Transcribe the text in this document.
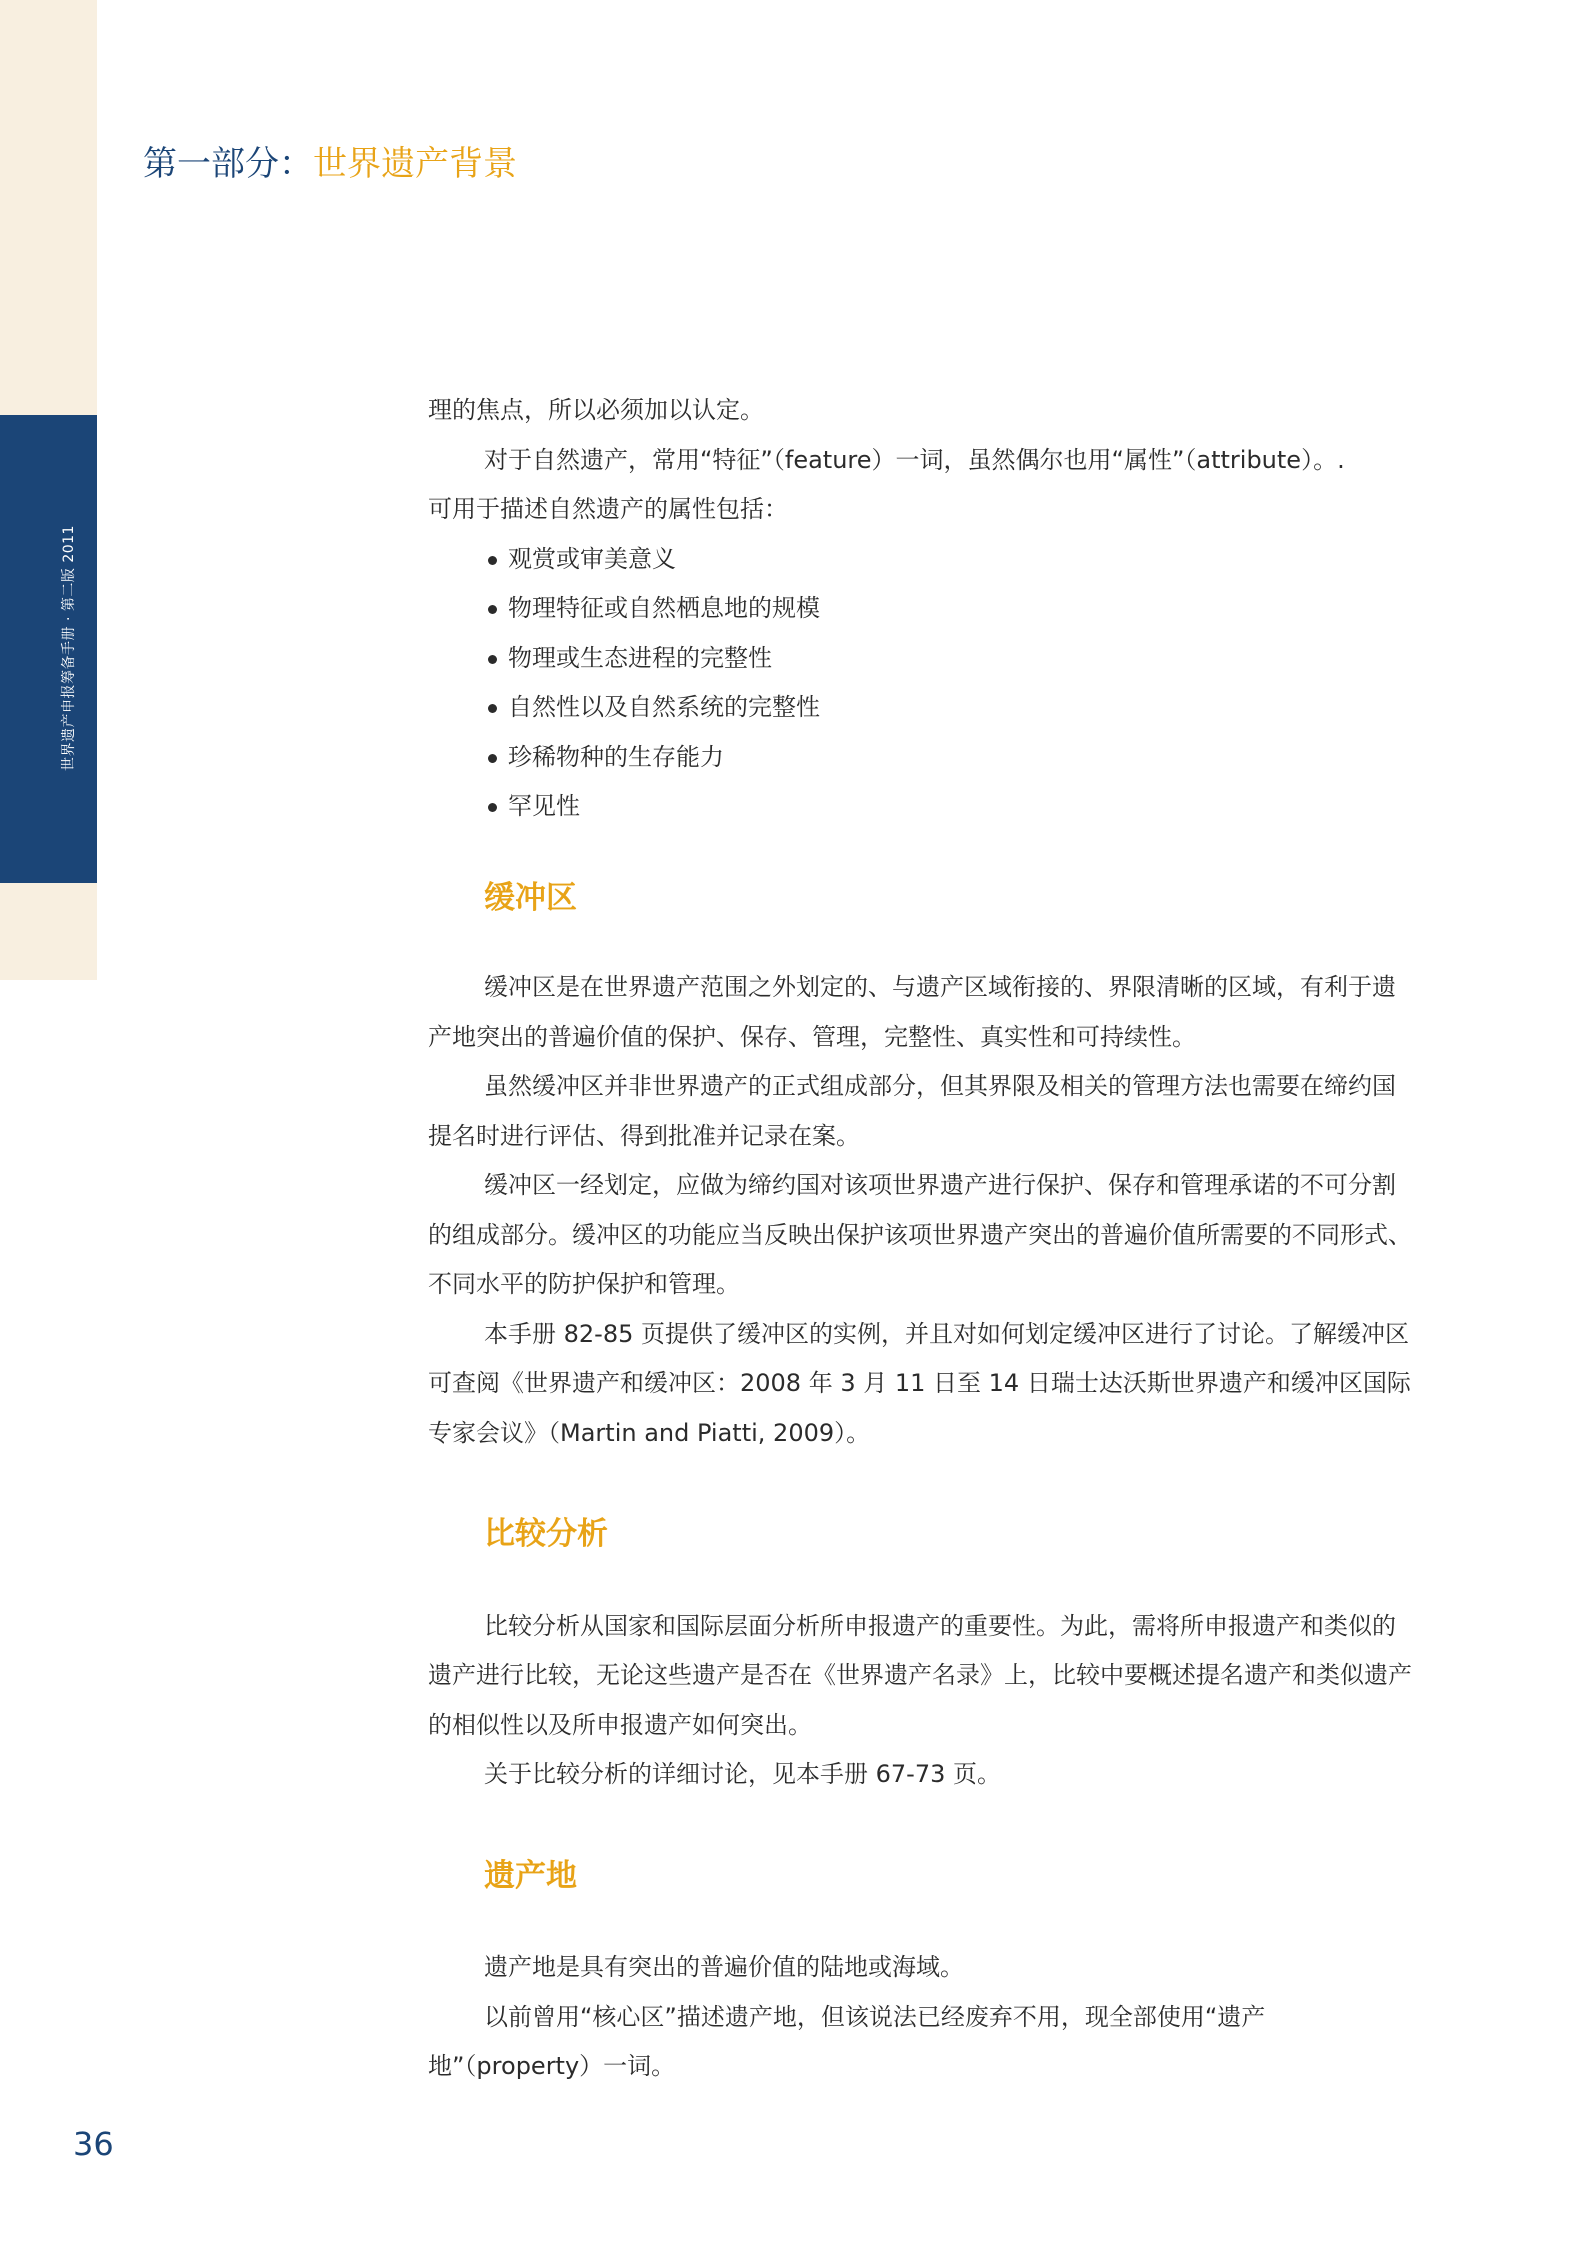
世界遗产申报筹备手册 · 第二版 2011
第一部分：世界遗产背景

理的焦点，所以必须加以认定。

对于自然遗产，常用“特征”（feature）一词，虽然偶尔也用“属性”（attribute）。.

可用于描述自然遗产的属性包括：

观赏或审美意义
物理特征或自然栖息地的规模
物理或生态进程的完整性
自然性以及自然系统的完整性
珍稀物种的生存能力
罕见性
缓冲区

缓冲区是在世界遗产范围之外划定的、与遗产区域衔接的、界限清晰的区域，有利于遗产地突出的普遍价值的保护、保存、管理，完整性、真实性和可持续性。

虽然缓冲区并非世界遗产的正式组成部分，但其界限及相关的管理方法也需要在缔约国提名时进行评估、得到批准并记录在案。

缓冲区一经划定，应做为缔约国对该项世界遗产进行保护、保存和管理承诺的不可分割的组成部分。缓冲区的功能应当反映出保护该项世界遗产突出的普遍价值所需要的不同形式、不同水平的防护保护和管理。

本手册 82-85 页提供了缓冲区的实例，并且对如何划定缓冲区进行了讨论。了解缓冲区可查阅《世界遗产和缓冲区：2008 年 3 月 11 日至 14 日瑞士达沃斯世界遗产和缓冲区国际专家会议》（Martin and Piatti, 2009）。

比较分析

比较分析从国家和国际层面分析所申报遗产的重要性。为此，需将所申报遗产和类似的遗产进行比较，无论这些遗产是否在《世界遗产名录》上，比较中要概述提名遗产和类似遗产的相似性以及所申报遗产如何突出。

关于比较分析的详细讨论，见本手册 67-73 页。

遗产地

遗产地是具有突出的普遍价值的陆地或海域。

以前曾用“核心区”描述遗产地，但该说法已经废弃不用，现全部使用“遗产地”（property）一词。

36
